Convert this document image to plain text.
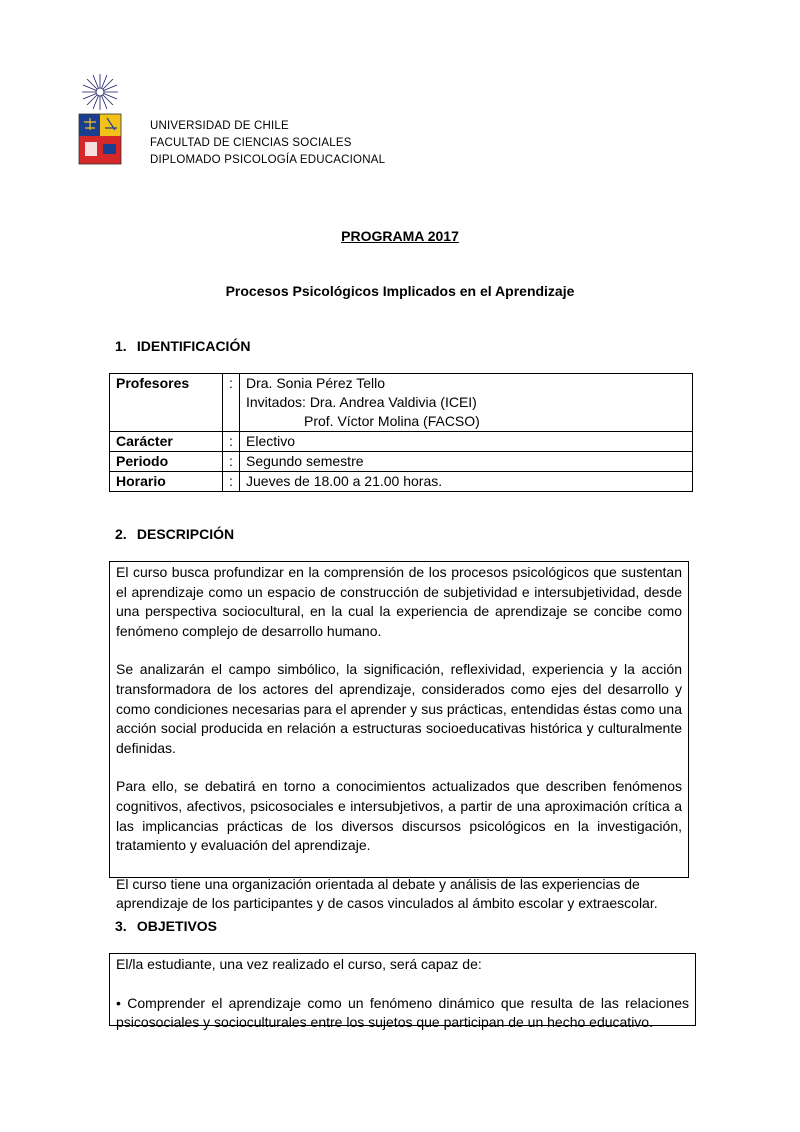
UNIVERSIDAD DE CHILE
FACULTAD DE CIENCIAS SOCIALES
DIPLOMADO PSICOLOGÍA EDUCACIONAL
PROGRAMA 2017
Procesos Psicológicos Implicados en el Aprendizaje
1. IDENTIFICACIÓN
Profesores	:	Dra. Sonia Pérez Tello
Invitados: Dra. Andrea Valdivia (ICEI)
Prof. Víctor Molina (FACSO)

Carácter	:	Electivo
Periodo	:	Segundo semestre
Horario	:	Jueves de 18.00 a 21.00 horas.
2. DESCRIPCIÓN

El curso busca profundizar en la comprensión de los procesos psicológicos que sustentan el aprendizaje como un espacio de construcción de subjetividad e intersubjetividad, desde una perspectiva sociocultural, en la cual la experiencia de aprendizaje se concibe como fenómeno complejo de desarrollo humano.

Se analizarán el campo simbólico, la significación, reflexividad, experiencia y la acción transformadora de los actores del aprendizaje, considerados como ejes del desarrollo y como condiciones necesarias para el aprender y sus prácticas, entendidas éstas como una acción social producida en relación a estructuras socioeducativas histórica y culturalmente definidas.

Para ello, se debatirá en torno a conocimientos actualizados que describen fenómenos cognitivos, afectivos, psicosociales e intersubjetivos, a partir de una aproximación crítica a las implicancias prácticas de los diversos discursos psicológicos en la investigación, tratamiento y evaluación del aprendizaje.

El curso tiene una organización orientada al debate y análisis de las experiencias de aprendizaje de los participantes y de casos vinculados al ámbito escolar y extraescolar.

3. OBJETIVOS

El/la estudiante, una vez realizado el curso, será capaz de:

• Comprender el aprendizaje como un fenómeno dinámico que resulta de las relaciones psicosociales y socioculturales entre los sujetos que participan de un hecho educativo.
